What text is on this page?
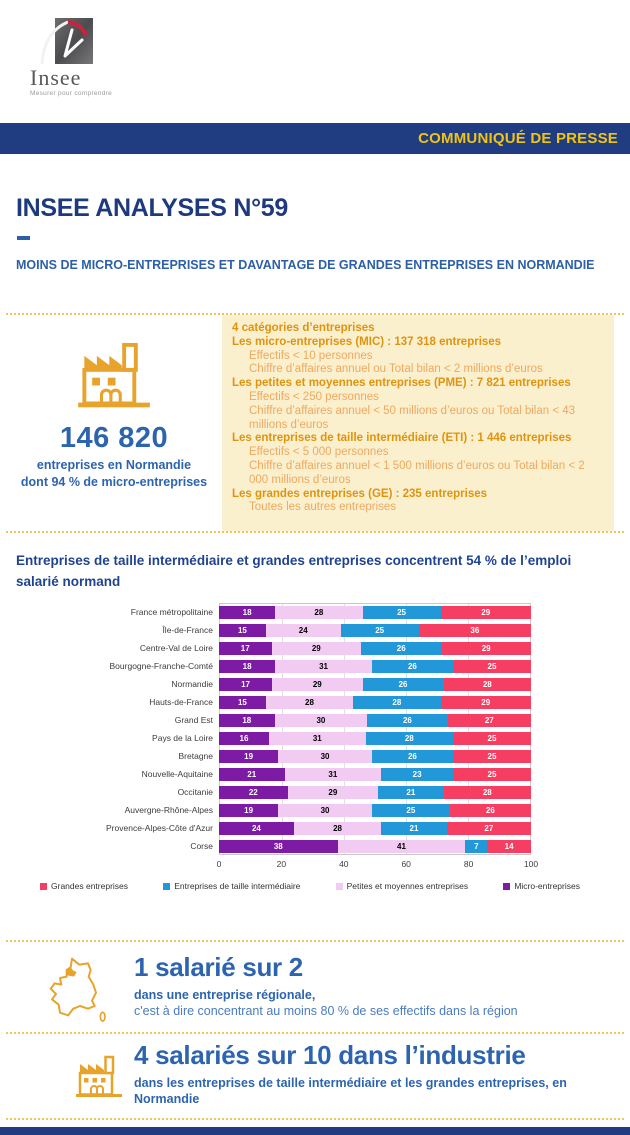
Insee
Mesurer pour comprendre
COMMUNIQUÉ DE PRESSE
INSEE ANALYSES N°59
MOINS DE MICRO-ENTREPRISES ET DAVANTAGE DE GRANDES ENTREPRISES EN NORMANDIE
146 820
entreprises en Normandie
dont 94 % de micro-entreprises
4 catégories d’entreprises
Les micro-entreprises (MIC) : 137 318 entreprises
Effectifs < 10 personnes
Chiffre d’affaires annuel ou Total bilan < 2 millions d’euros
Les petites et moyennes entreprises (PME) : 7 821 entreprises
Effectifs < 250 personnes
Chiffre d’affaires annuel < 50 millions d’euros ou Total bilan < 43 millions d’euros
Les entreprises de taille intermédiaire (ETI) : 1 446 entreprises
Effectifs < 5 000 personnes
Chiffre d’affaires annuel < 1 500 millions d’euros ou Total bilan < 2 000 millions d’euros
Les grandes entreprises (GE) : 235 entreprises
Toutes les autres entreprises
Entreprises de taille intermédiaire et grandes entreprises concentrent 54 % de l’emploi salarié normand
France métropolitaine	18	28	25	29
Île-de-France	15	24	25	36
Centre-Val de Loire	17	29	26	29
Bourgogne-Franche-Comté	18	31	26	25
Normandie	17	29	26	28
Hauts-de-France	15	28	28	29
Grand Est	18	30	26	27
Pays de la Loire	16	31	28	25
Bretagne	19	30	26	25
Nouvelle-Aquitaine	21	31	23	25
Occitanie	22	29	21	28
Auvergne-Rhône-Alpes	19	30	25	26
Provence-Alpes-Côte d'Azur	24	28	21	27
Corse	38	41	7	14
0	20	40	60	80	100
Grandes entreprises	Entreprises de taille intermédiaire	Petites et moyennes entreprises	Micro-entreprises
1 salarié sur 2
dans une entreprise régionale,
c'est à dire concentrant au moins 80 % de ses effectifs dans la région
4 salariés sur 10 dans l’industrie
dans les entreprises de taille intermédiaire et les grandes entreprises, en Normandie
